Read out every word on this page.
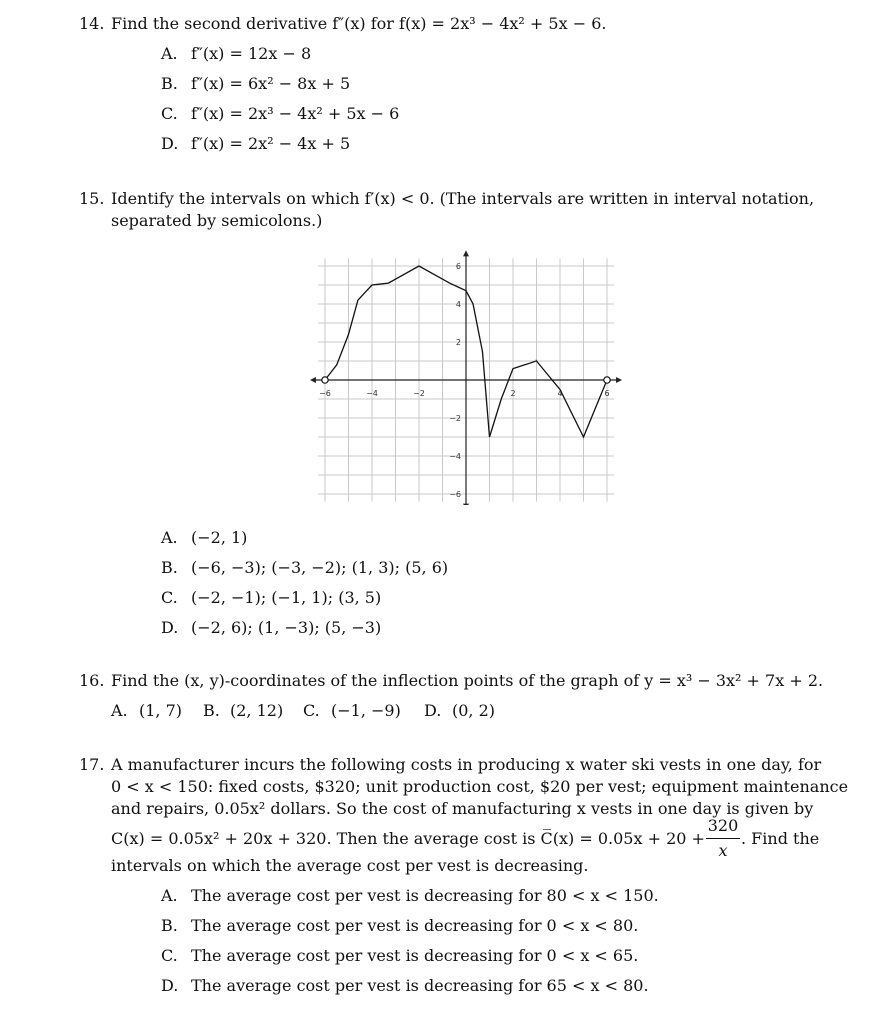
14. Find the second derivative f″(x) for f(x) = 2x³ − 4x² + 5x − 6.
A. f″(x) = 12x − 8
B. f″(x) = 6x² − 8x + 5
C. f″(x) = 2x³ − 4x² + 5x − 6
D. f″(x) = 2x² − 4x + 5
15. Identify the intervals on which f′(x) < 0. (The intervals are written in interval notation,
separated by semicolons.)
−6	−4	−2	2	4	6
6
4
2
−2
−4
−6
A. (−2, 1)
B. (−6, −3); (−3, −2); (1, 3); (5, 6)
C. (−2, −1); (−1, 1); (3, 5)
D. (−2, 6); (1, −3); (5, −3)
16. Find the (x, y)-coordinates of the inflection points of the graph of y = x³ − 3x² + 7x + 2.
A. (1, 7) B. (2, 12) C. (−1, −9) D. (0, 2)
17. A manufacturer incurs the following costs in producing x water ski vests in one day, for
0 < x < 150: fixed costs, $320; unit production cost, $20 per vest; equipment maintenance
and repairs, 0.05x² dollars. So the cost of manufacturing x vests in one day is given by
C(x) = 0.05x² + 20x + 320. Then the average cost is C̅(x) = 0.05x + 20 +
320
x
. Find the
intervals on which the average cost per vest is decreasing.
A. The average cost per vest is decreasing for 80 < x < 150.
B. The average cost per vest is decreasing for 0 < x < 80.
C. The average cost per vest is decreasing for 0 < x < 65.
D. The average cost per vest is decreasing for 65 < x < 80.
